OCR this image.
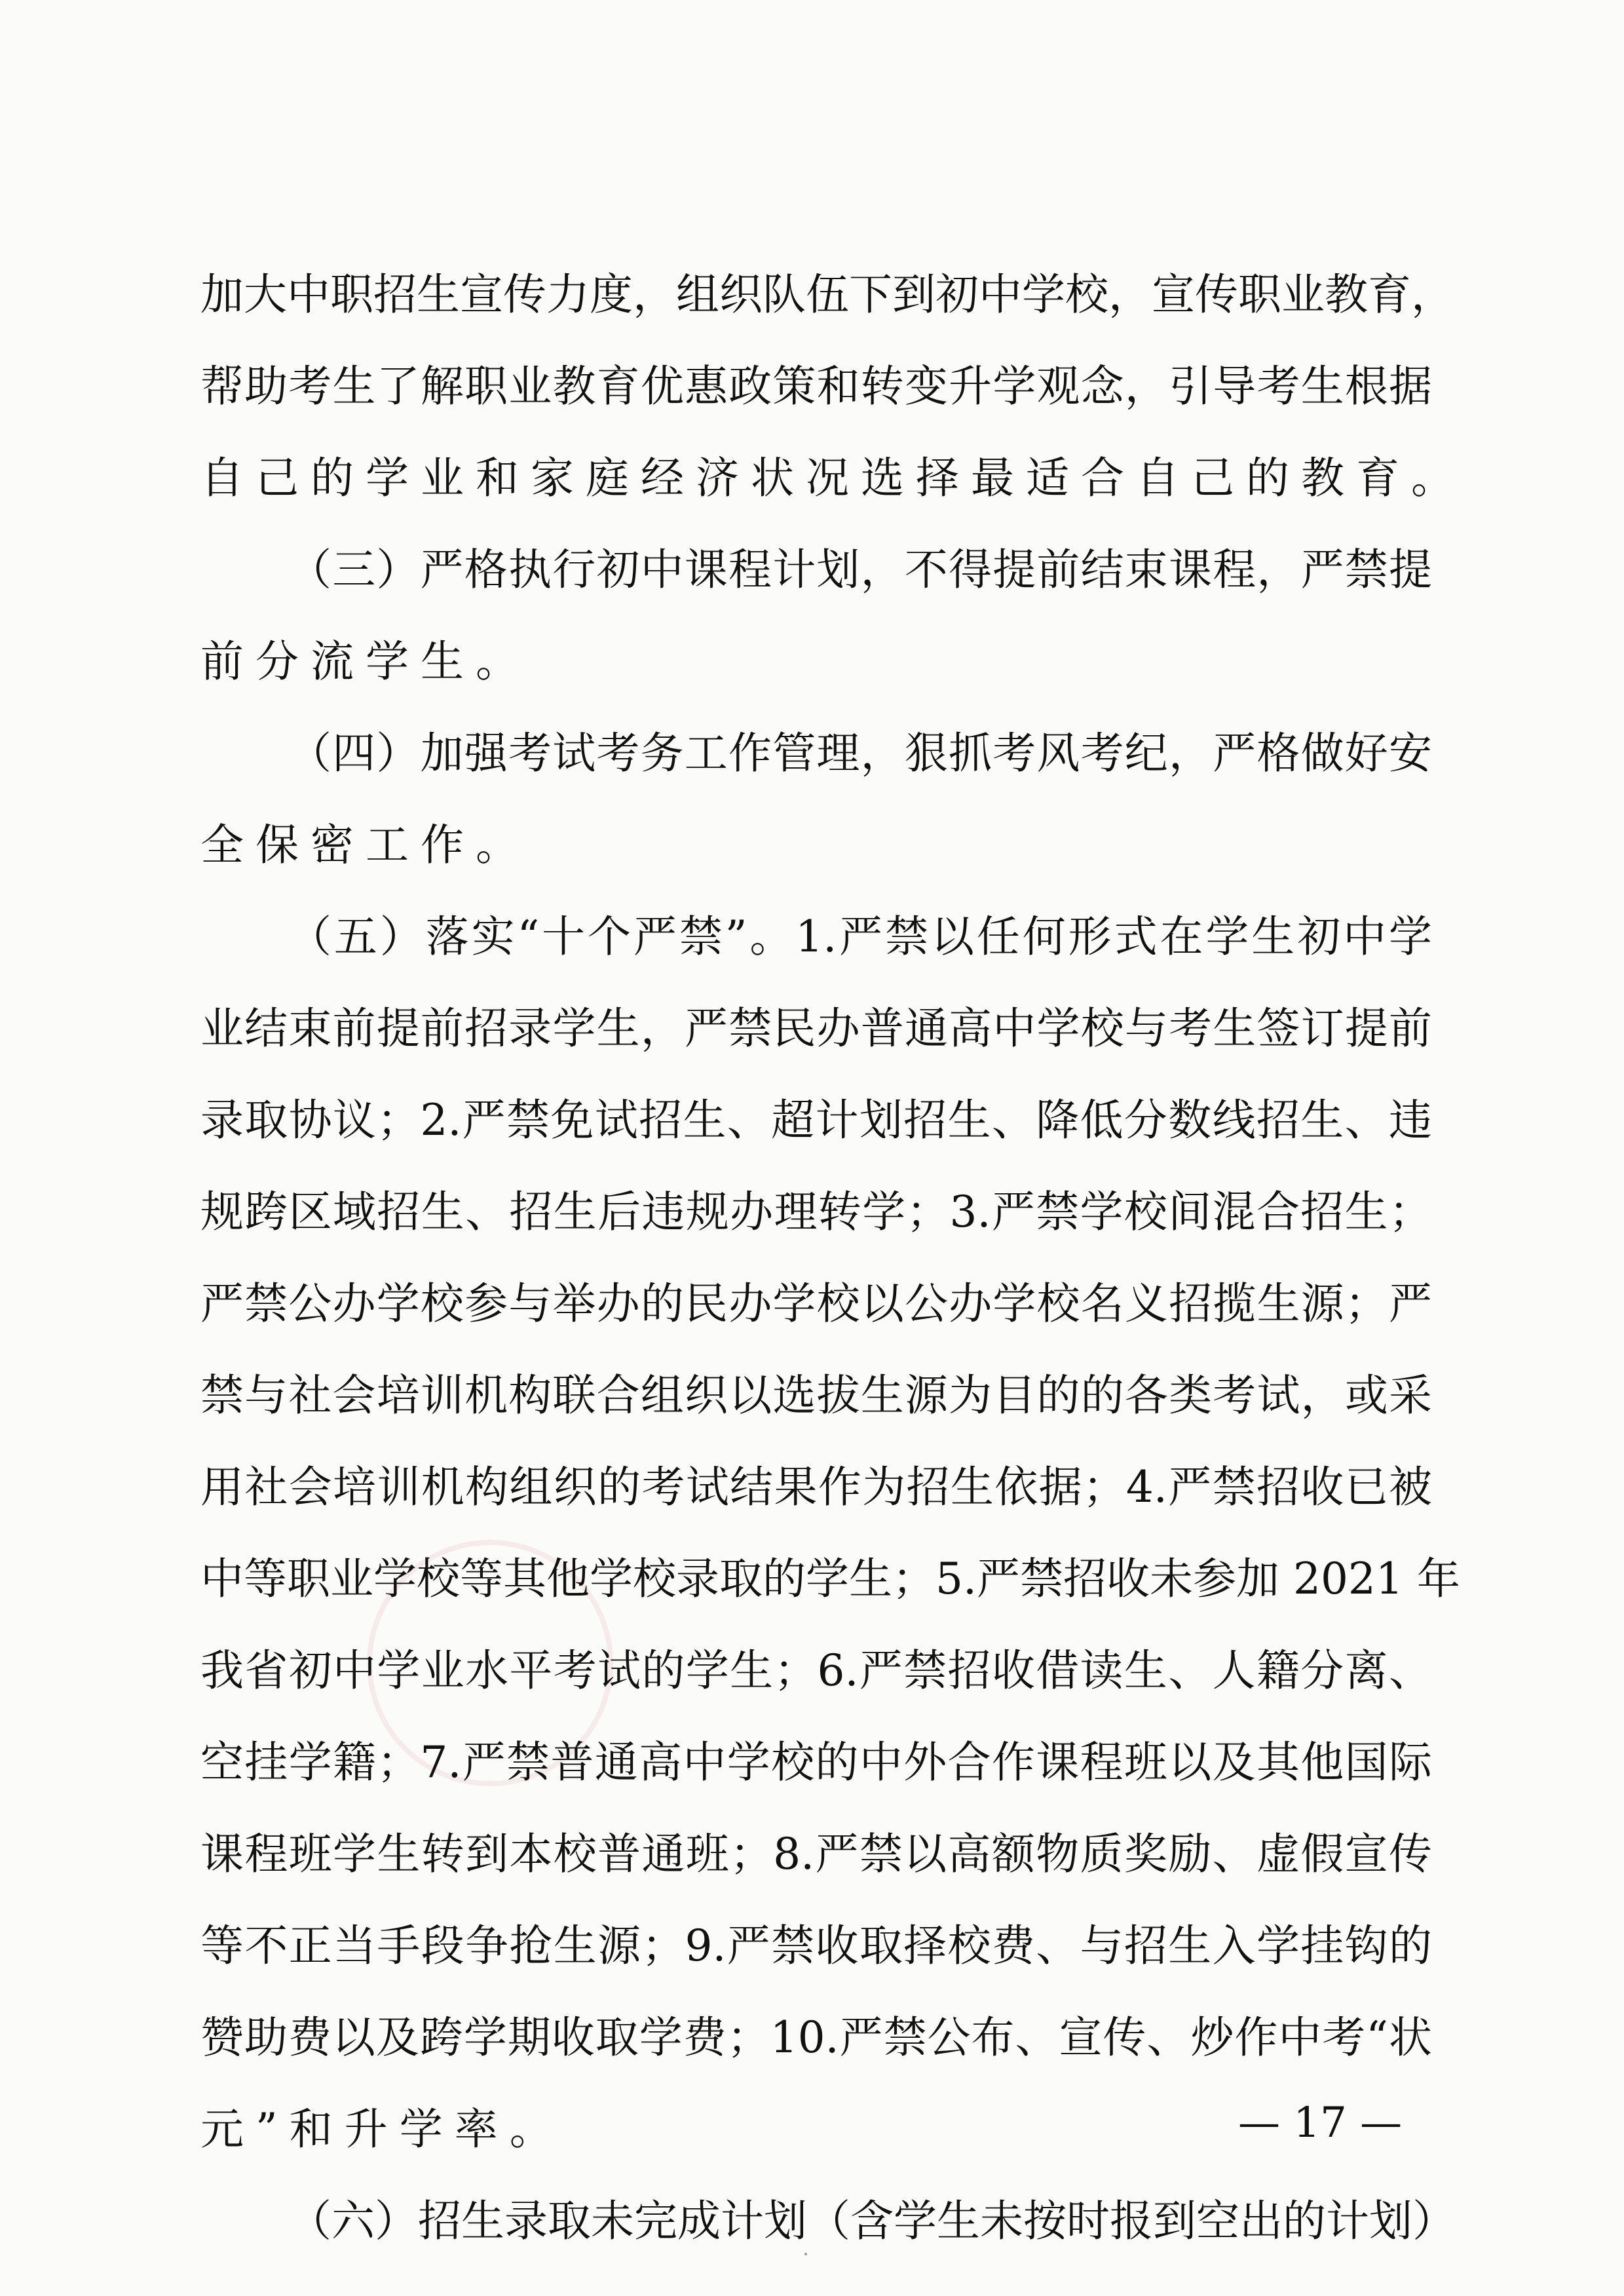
加大中职招生宣传力度，组织队伍下到初中学校，宣传职业教育，
帮助考生了解职业教育优惠政策和转变升学观念，引导考生根据
自己的学业和家庭经济状况选择最适合自己的教育。
（三）严格执行初中课程计划，不得提前结束课程，严禁提
前分流学生。
（四）加强考试考务工作管理，狠抓考风考纪，严格做好安
全保密工作。
（五）落实“十个严禁”。1.严禁以任何形式在学生初中学
业结束前提前招录学生，严禁民办普通高中学校与考生签订提前
录取协议；2.严禁免试招生、超计划招生、降低分数线招生、违
规跨区域招生、招生后违规办理转学；3.严禁学校间混合招生；
严禁公办学校参与举办的民办学校以公办学校名义招揽生源；严
禁与社会培训机构联合组织以选拔生源为目的的各类考试，或采
用社会培训机构组织的考试结果作为招生依据；4.严禁招收已被
中等职业学校等其他学校录取的学生；5.严禁招收未参加 2021 年
我省初中学业水平考试的学生；6.严禁招收借读生、人籍分离、
空挂学籍；7.严禁普通高中学校的中外合作课程班以及其他国际
课程班学生转到本校普通班；8.严禁以高额物质奖励、虚假宣传
等不正当手段争抢生源；9.严禁收取择校费、与招生入学挂钩的
赞助费以及跨学期收取学费；10.严禁公布、宣传、炒作中考“状
元”和升学率。
（六）招生录取未完成计划（含学生未按时报到空出的计划）
— 17 —
